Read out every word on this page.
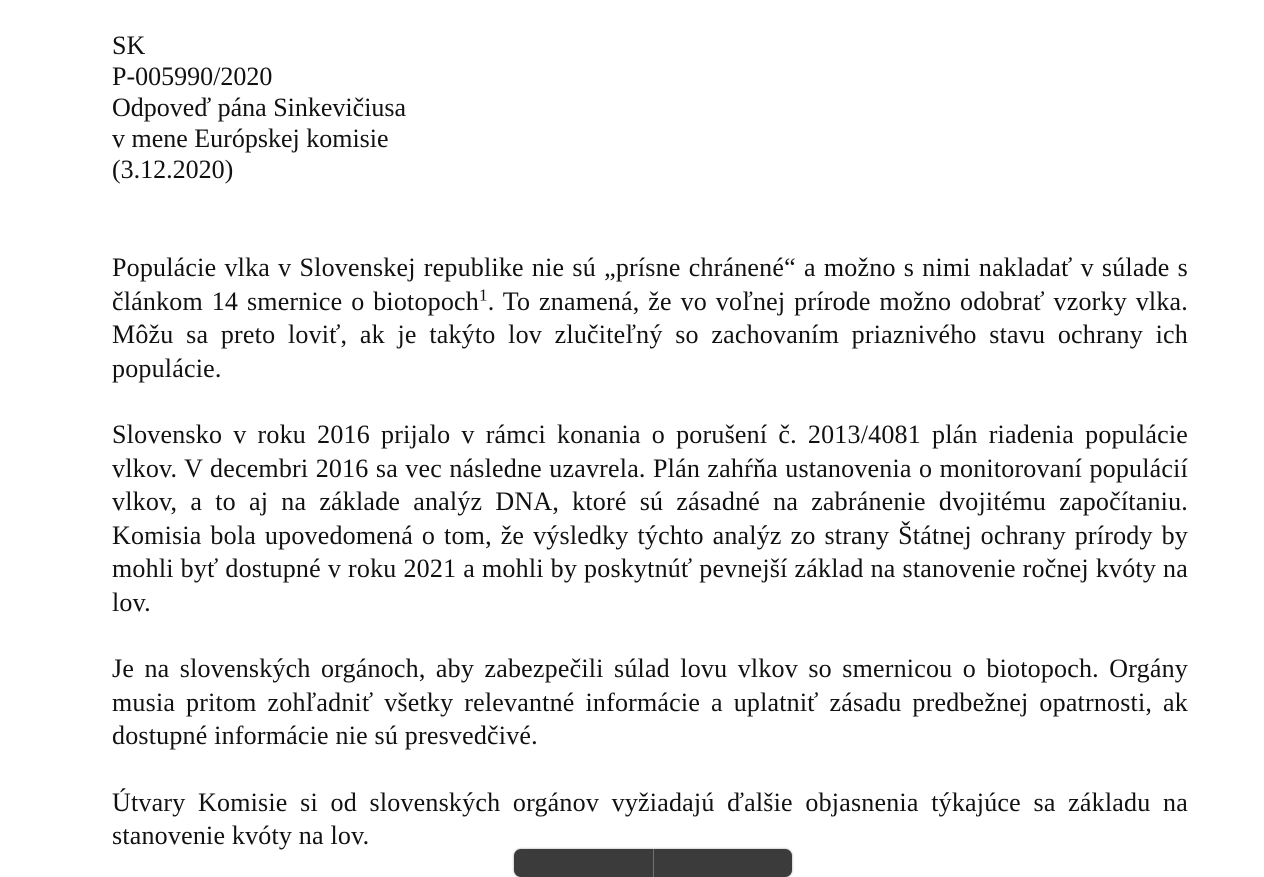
SK
P-005990/2020
Odpoveď pána Sinkevičiusa
v mene Európskej komisie
(3.12.2020)

Populácie vlka v Slovenskej republike nie sú „prísne chránené“ a možno s nimi nakladať v súlade s článkom 14 smernice o biotopoch$^1$. To znamená, že vo voľnej prírode možno odobrať vzorky vlka. Môžu sa preto loviť, ak je takýto lov zlučiteľný so zachovaním priaznivého stavu ochrany ich populácie.

Slovensko v roku 2016 prijalo v rámci konania o porušení č. 2013/4081 plán riadenia populácie vlkov. V decembri 2016 sa vec následne uzavrela. Plán zahŕňa ustanovenia o monitorovaní populácií vlkov, a to aj na základe analýz DNA, ktoré sú zásadné na zabránenie dvojitému započítaniu. Komisia bola upovedomená o tom, že výsledky týchto analýz zo strany Štátnej ochrany prírody by mohli byť dostupné v roku 2021 a mohli by poskytnúť pevnejší základ na stanovenie ročnej kvóty na lov.

Je na slovenských orgánoch, aby zabezpečili súlad lovu vlkov so smernicou o biotopoch. Orgány musia pritom zohľadniť všetky relevantné informácie a uplatniť zásadu predbežnej opatrnosti, ak dostupné informácie nie sú presvedčivé.

Útvary Komisie si od slovenských orgánov vyžiadajú ďalšie objasnenia týkajúce sa základu na stanovenie kvóty na lov.
